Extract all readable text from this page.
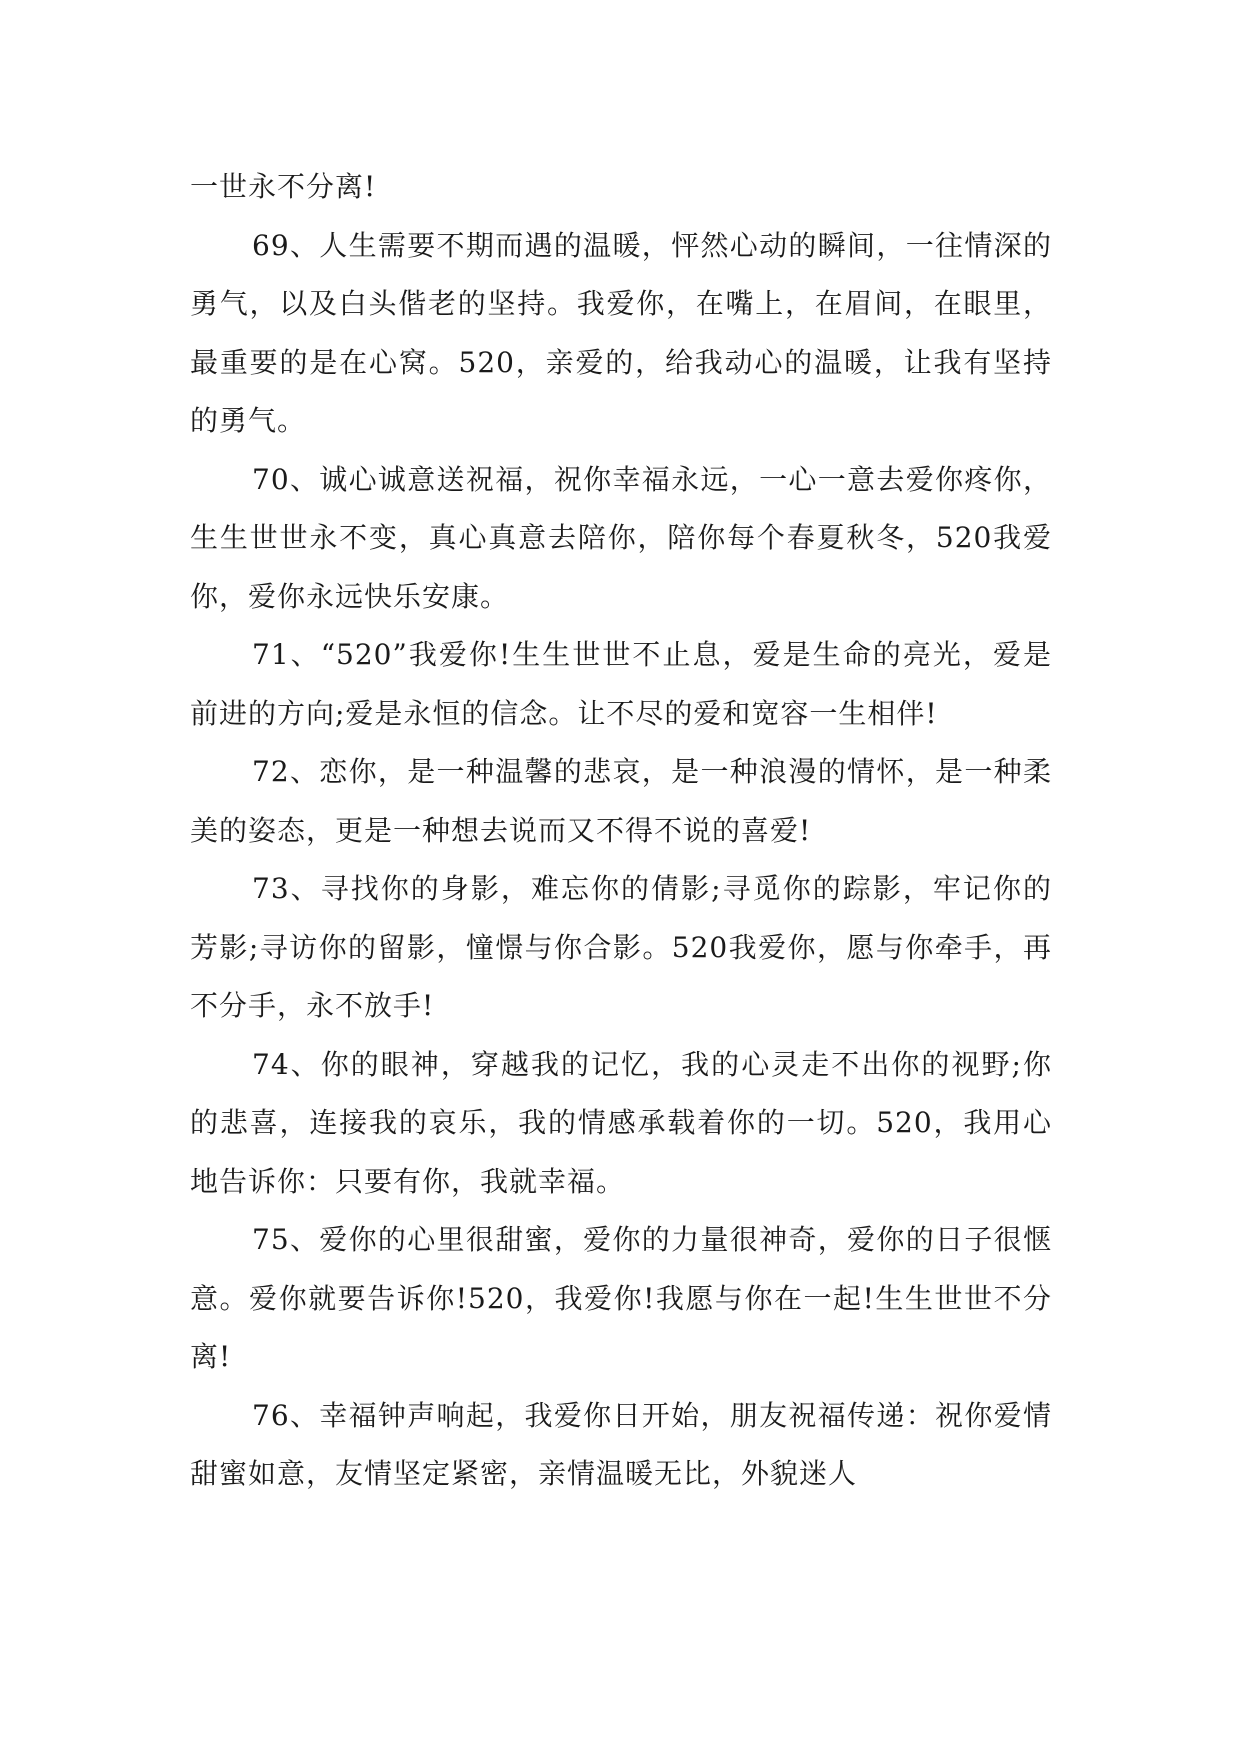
一世永不分离!

69、人生需要不期而遇的温暖，怦然心动的瞬间，一往情深的勇气，以及白头偕老的坚持。我爱你，在嘴上，在眉间，在眼里，最重要的是在心窝。520，亲爱的，给我动心的温暖，让我有坚持的勇气。

70、诚心诚意送祝福，祝你幸福永远，一心一意去爱你疼你，生生世世永不变，真心真意去陪你，陪你每个春夏秋冬，520我爱你，爱你永远快乐安康。

71、“520”我爱你!生生世世不止息，爱是生命的亮光，爱是前进的方向;爱是永恒的信念。让不尽的爱和宽容一生相伴!

72、恋你，是一种温馨的悲哀，是一种浪漫的情怀，是一种柔美的姿态，更是一种想去说而又不得不说的喜爱!

73、寻找你的身影，难忘你的倩影;寻觅你的踪影，牢记你的芳影;寻访你的留影，憧憬与你合影。520我爱你，愿与你牵手，再不分手，永不放手!

74、你的眼神，穿越我的记忆，我的心灵走不出你的视野;你的悲喜，连接我的哀乐，我的情感承载着你的一切。520，我用心地告诉你：只要有你，我就幸福。

75、爱你的心里很甜蜜，爱你的力量很神奇，爱你的日子很惬意。爱你就要告诉你!520，我爱你!我愿与你在一起!生生世世不分离!

76、幸福钟声响起，我爱你日开始，朋友祝福传递：祝你爱情甜蜜如意，友情坚定紧密，亲情温暖无比，外貌迷人
